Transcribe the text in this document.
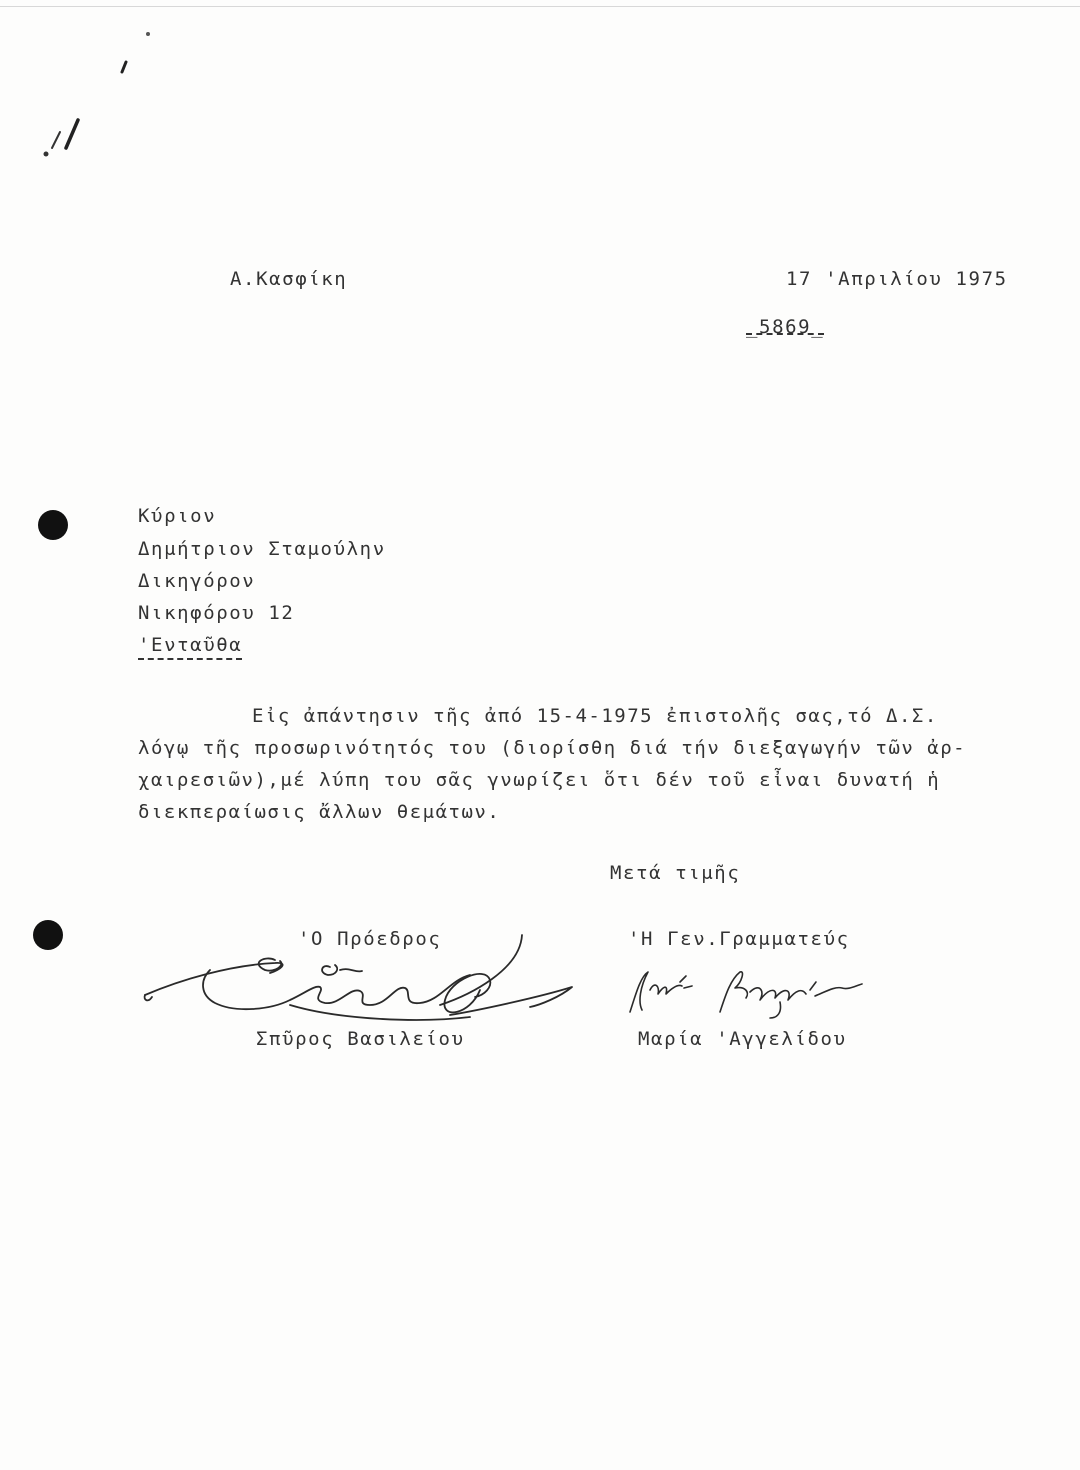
Α.Κασφίκη	17 'Απριλίου 1975
_5869_
Κύριον
Δημήτριον Σταμούλην
Δικηγόρον
Νικηφόρου 12
'Ενταῦθα
Εἰς ἀπάντησιν τῆς ἀπό 15-4-1975 ἐπιστολῆς σας,τό Δ.Σ.
λόγῳ τῆς προσωρινότητός του (διορίσθη διά τήν διεξαγωγήν τῶν ἀρ-
χαιρεσιῶν),μέ λύπη του σᾶς γνωρίζει ὅτι δέν τοῦ εἶναι δυνατή ἡ
διεκπεραίωσις ἄλλων θεμάτων.
Μετά τιμῆς
'Ο Πρόεδρος	'Η Γεν.Γραμματεύς
Σπῦρος Βασιλείου	Μαρία 'Αγγελίδου
